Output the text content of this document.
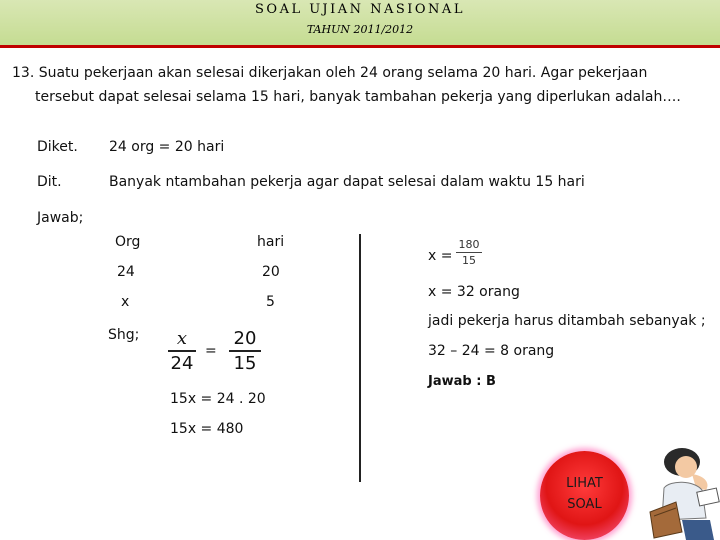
SOAL UJIAN NASIONAL
TAHUN 2011/2012
13. Suatu pekerjaan akan selesai dikerjakan oleh 24 orang selama 20 hari. Agar pekerjaan
tersebut dapat selesai selama 15 hari, banyak tambahan pekerja yang diperlukan adalah….
Diket. 24 org = 20 hari
Dit.	Banyak ntambahan pekerja agar dapat selesai dalam waktu 15 hari
Jawab;
Org	hari
24	20
x	5
Shg;	x
24
=
20
15
15x = 24 . 20
15x = 480
x =
180
15
x = 32 orang
jadi pekerja harus ditambah sebanyak ;
32 – 24 = 8 orang
Jawab : B
LIHAT
SOAL
